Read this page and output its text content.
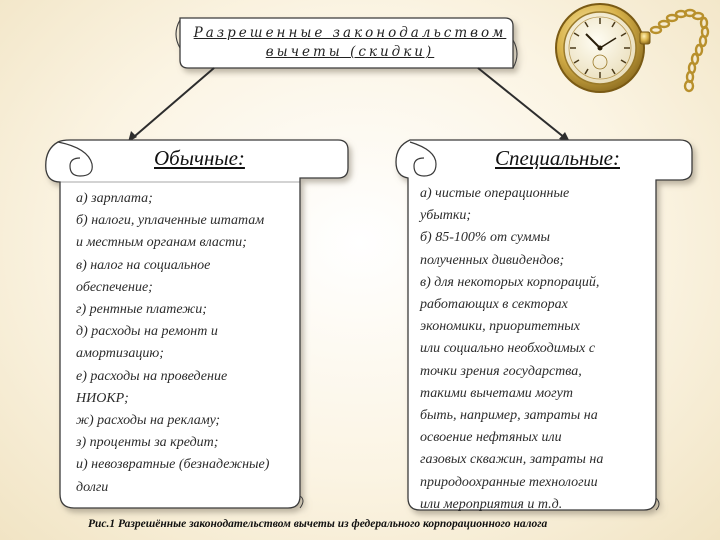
Разрешенные законодальством
вычеты (скидки)
Обычные:	Специальные:
а) зарплата;
б) налоги, уплаченные штатам
и местным органам власти;
в) налог на социальное
обеспечение;
г) рентные платежи;
д) расходы на ремонт и
амортизацию;
е) расходы на проведение
НИОКР;
ж) расходы на рекламу;
з) проценты за кредит;
и) невозвратные (безнадежные)
долги
а) чистые операционные
убытки;
б) 85-100% от суммы
полученных дивидендов;
в) для некоторых корпораций,
работающих в секторах
экономики, приоритетных
или социально необходимых с
точки зрения государства,
такими вычетами могут
быть, например, затраты на
освоение нефтяных или
газовых скважин, затраты на
природоохранные технологии
или мероприятия и т.д.
Рис.1 Разрешённые законодательством вычеты из федерального корпорационного налога
